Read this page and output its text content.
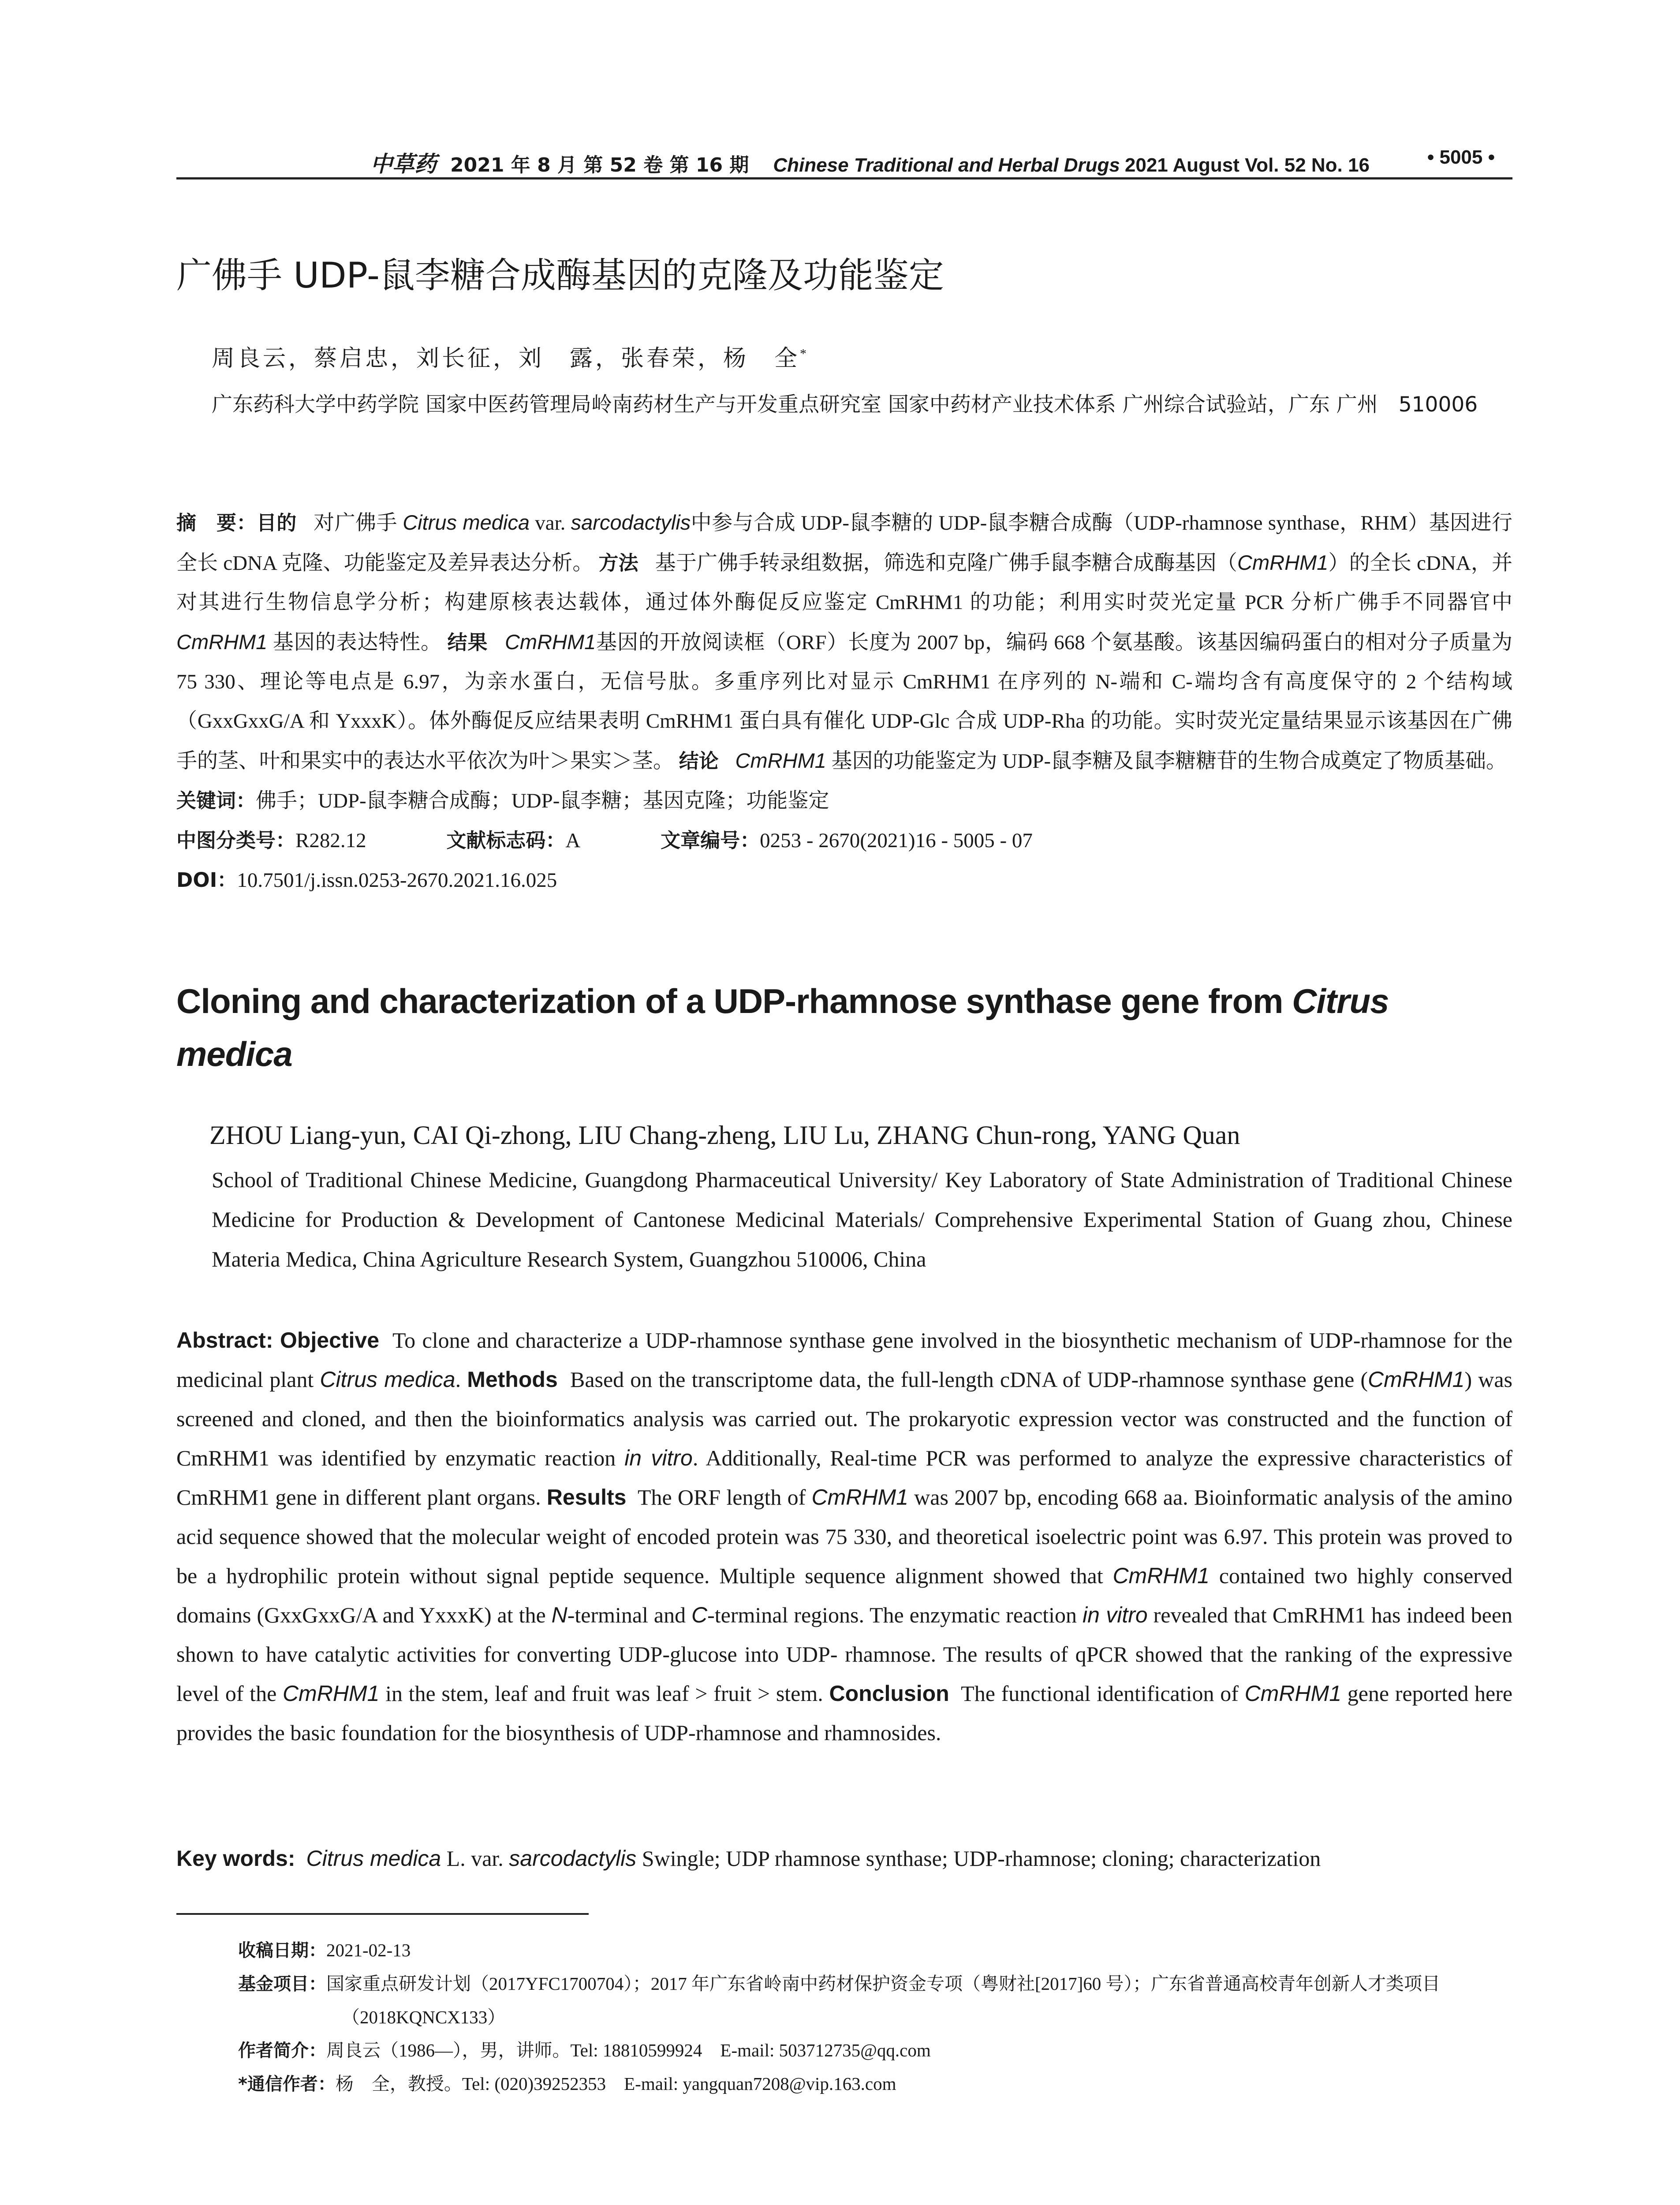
中草药 2021 年 8 月 第 52 卷 第 16 期 Chinese Traditional and Herbal Drugs 2021 August Vol. 52 No. 16	• 5005 •
广佛手 UDP-鼠李糖合成酶基因的克隆及功能鉴定
周良云，蔡启忠，刘长征，刘　露，张春荣，杨　全*
广东药科大学中药学院 国家中医药管理局岭南药材生产与开发重点研究室 国家中药材产业技术体系 广州综合试验站，广东 广州　510006
摘　要：目的 对广佛手 Citrus medica var. sarcodactylis中参与合成 UDP-鼠李糖的 UDP-鼠李糖合成酶（UDP-rhamnose synthase，RHM）基因进行全长 cDNA 克隆、功能鉴定及差异表达分析。 方法 基于广佛手转录组数据，筛选和克隆广佛手鼠李糖合成酶基因（CmRHM1）的全长 cDNA，并对其进行生物信息学分析；构建原核表达载体，通过体外酶促反应鉴定 CmRHM1 的功能；利用实时荧光定量 PCR 分析广佛手不同器官中 CmRHM1 基因的表达特性。 结果 CmRHM1基因的开放阅读框（ORF）长度为 2007 bp，编码 668 个氨基酸。该基因编码蛋白的相对分子质量为 75 330、理论等电点是 6.97，为亲水蛋白，无信号肽。多重序列比对显示 CmRHM1 在序列的 N-端和 C-端均含有高度保守的 2 个结构域（GxxGxxG/A 和 YxxxK）。体外酶促反应结果表明 CmRHM1 蛋白具有催化 UDP-Glc 合成 UDP-Rha 的功能。实时荧光定量结果显示该基因在广佛手的茎、叶和果实中的表达水平依次为叶＞果实＞茎。 结论 CmRHM1 基因的功能鉴定为 UDP-鼠李糖及鼠李糖糖苷的生物合成奠定了物质基础。
关键词：佛手；UDP-鼠李糖合成酶；UDP-鼠李糖；基因克隆；功能鉴定
中图分类号：R282.12	文献标志码：A	文章编号：0253 - 2670(2021)16 - 5005 - 07
DOI：10.7501/j.issn.0253-2670.2021.16.025
Cloning and characterization of a UDP-rhamnose synthase gene from Citrus medica
ZHOU Liang-yun, CAI Qi-zhong, LIU Chang-zheng, LIU Lu, ZHANG Chun-rong, YANG Quan
School of Traditional Chinese Medicine, Guangdong Pharmaceutical University/ Key Laboratory of State Administration of Traditional Chinese Medicine for Production & Development of Cantonese Medicinal Materials/ Comprehensive Experimental Station of Guang zhou, Chinese Materia Medica, China Agriculture Research System, Guangzhou 510006, China
Abstract: Objective To clone and characterize a UDP-rhamnose synthase gene involved in the biosynthetic mechanism of UDP-rhamnose for the medicinal plant Citrus medica. Methods Based on the transcriptome data, the full-length cDNA of UDP-rhamnose synthase gene (CmRHM1) was screened and cloned, and then the bioinformatics analysis was carried out. The prokaryotic expression vector was constructed and the function of CmRHM1 was identified by enzymatic reaction in vitro. Additionally, Real-time PCR was performed to analyze the expressive characteristics of CmRHM1 gene in different plant organs. Results The ORF length of CmRHM1 was 2007 bp, encoding 668 aa. Bioinformatic analysis of the amino acid sequence showed that the molecular weight of encoded protein was 75 330, and theoretical isoelectric point was 6.97. This protein was proved to be a hydrophilic protein without signal peptide sequence. Multiple sequence alignment showed that CmRHM1 contained two highly conserved domains (GxxGxxG/A and YxxxK) at the N-terminal and C-terminal regions. The enzymatic reaction in vitro revealed that CmRHM1 has indeed been shown to have catalytic activities for converting UDP-glucose into UDP- rhamnose. The results of qPCR showed that the ranking of the expressive level of the CmRHM1 in the stem, leaf and fruit was leaf > fruit > stem. Conclusion The functional identification of CmRHM1 gene reported here provides the basic foundation for the biosynthesis of UDP-rhamnose and rhamnosides.
Key words: Citrus medica L. var. sarcodactylis Swingle; UDP rhamnose synthase; UDP-rhamnose; cloning; characterization
收稿日期：2021-02-13
基金项目：国家重点研发计划（2017YFC1700704）；2017 年广东省岭南中药材保护资金专项（粤财社[2017]60 号）；广东省普通高校青年创新人才类项目（2018KQNCX133）
作者简介：周良云（1986—），男，讲师。Tel: 18810599924　E-mail: 503712735@qq.com
*通信作者：杨　全，教授。Tel: (020)39252353　E-mail: yangquan7208@vip.163.com
